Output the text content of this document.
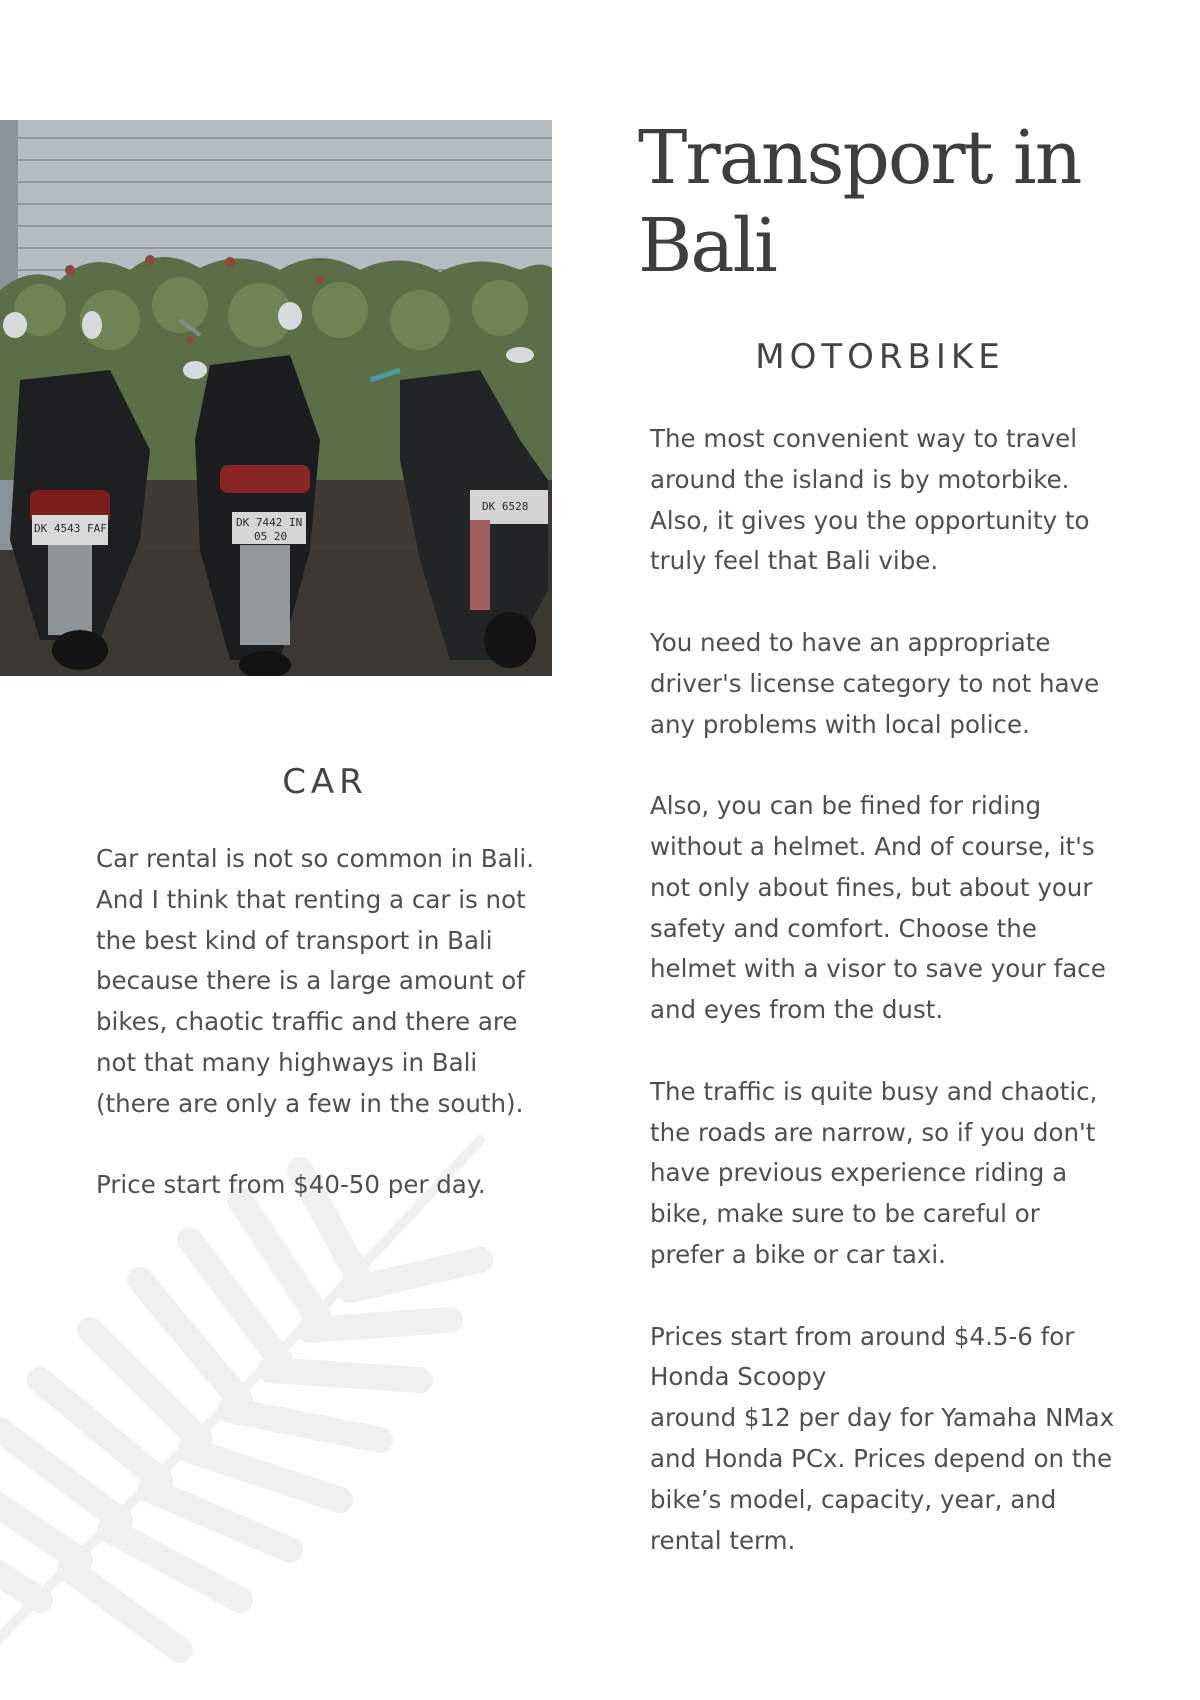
DK 4543 FAF	DK 7442 IN
05 20
DK 6528
Transport in Bali
MOTORBIKE

The most convenient way to travel around the island is by motorbike. Also, it gives you the opportunity to truly feel that Bali vibe.

You need to have an appropriate driver's license category to not have any problems with local police.

Also, you can be fined for riding without a helmet. And of course, it's not only about fines, but about your safety and comfort. Choose the helmet with a visor to save your face and eyes from the dust.

The traffic is quite busy and chaotic, the roads are narrow, so if you don't have previous experience riding a bike, make sure to be careful or prefer a bike or car taxi.

Prices start from around $4.5-6 for Honda Scoopy
around $12 per day for Yamaha NMax and Honda PCx. Prices depend on the bike’s model, capacity, year, and rental term.

CAR

Car rental is not so common in Bali. And I think that renting a car is not the best kind of transport in Bali because there is a large amount of bikes, chaotic traffic and there are not that many highways in Bali (there are only a few in the south).

Price start from $40-50 per day.
